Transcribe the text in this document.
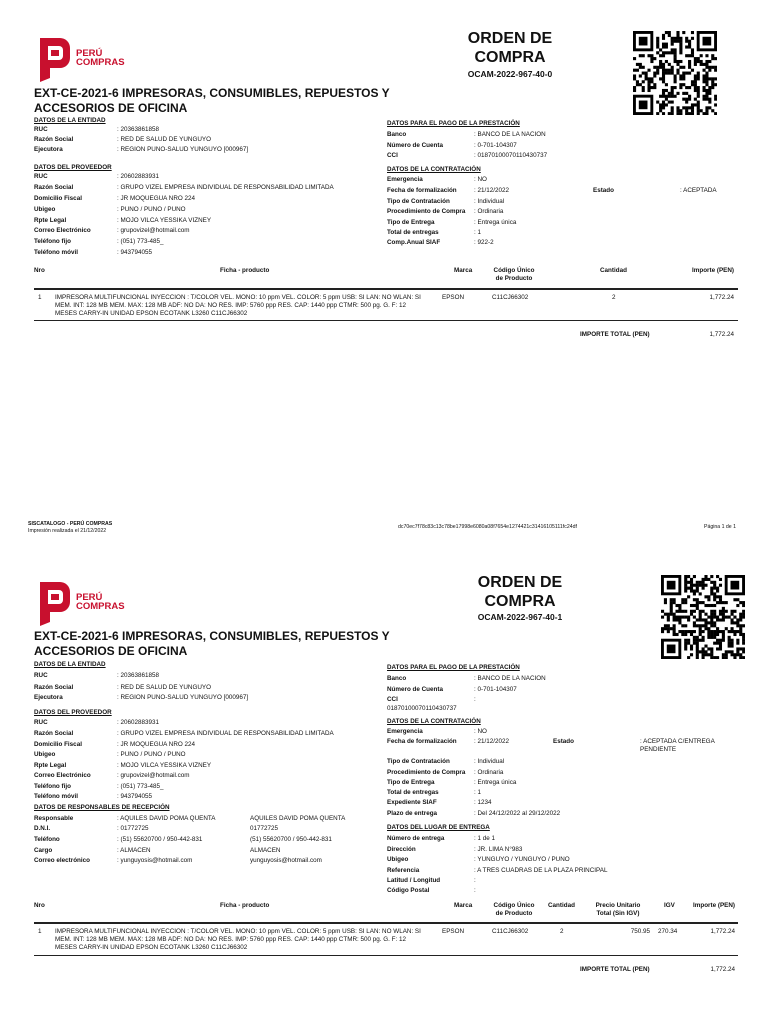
PERÚ
COMPRAS
ORDEN DE
COMPRA
OCAM-2022-967-40-0
EXT-CE-2021-6 IMPRESORAS, CONSUMIBLES, REPUESTOS Y
ACCESORIOS DE OFICINA
DATOS DE LA ENTIDAD
RUC	: 20363861858
Razón Social	: RED DE SALUD DE YUNGUYO
Ejecutora	: REGION PUNO-SALUD YUNGUYO [000967]
DATOS DEL PROVEEDOR
RUC	: 20602883931
Razón Social	: GRUPO VIZEL EMPRESA INDIVIDUAL DE RESPONSABILIDAD LIMITADA
Domicilio Fiscal	: JR MOQUEGUA NRO 224
Ubigeo	: PUNO / PUNO / PUNO
Rpte Legal	: MOJO VILCA YESSIKA VIZNEY
Correo Electrónico	: grupovizel@hotmail.com
Teléfono fijo	: (051) 773-485_
Teléfono móvil	: 943794055
DATOS PARA EL PAGO DE LA PRESTACIÓN
Banco	: BANCO DE LA NACION
Número de Cuenta	: 0-701-104307
CCI	: 01870100070110430737
DATOS DE LA CONTRATACIÓN
Emergencia	: NO
Fecha de formalización	: 21/12/2022	Estado	: ACEPTADA
Tipo de Contratación	: Individual
Procedimiento de Compra : Ordinaria
Tipo de Entrega	: Entrega única
Total de entregas	: 1
Comp.Anual SIAF	: 922-2
Nro	Ficha - producto	Marca	Código Único
de Producto
Cantidad	Importe (PEN)
1 IMPRESORA MULTIFUNCIONAL INYECCION : T/COLOR VEL. MONO: 10 ppm VEL. COLOR: 5 ppm USB: SI LAN: NO WLAN: SI
MEM. INT: 128 MB MEM. MAX: 128 MB ADF: NO DA: NO RES. IMP: 5760 ppp RES. CAP: 1440 ppp CTMR: 500 pg. G. F: 12
MESES CARRY-IN UNIDAD EPSON ECOTANK L3260 C11CJ66302
EPSON	C11CJ66302	2	1,772.24
IMPORTE TOTAL (PEN)	1,772.24
SISCATALOGO - PERÚ COMPRAS
Impresión realizada el 21/12/2022
dc70ec7f78c83c13c78be17998e6080a08f7654e1274421c31416105111fc24df	Página 1 de 1
PERÚ
COMPRAS
ORDEN DE
COMPRA
OCAM-2022-967-40-1
EXT-CE-2021-6 IMPRESORAS, CONSUMIBLES, REPUESTOS Y
ACCESORIOS DE OFICINA
DATOS DE LA ENTIDAD
RUC	: 20363861858
Razón Social	: RED DE SALUD DE YUNGUYO
Ejecutora	: REGION PUNO-SALUD YUNGUYO [000967]
DATOS DEL PROVEEDOR
RUC	: 20602883931
Razón Social	: GRUPO VIZEL EMPRESA INDIVIDUAL DE RESPONSABILIDAD LIMITADA
Domicilio Fiscal	: JR MOQUEGUA NRO 224
Ubigeo	: PUNO / PUNO / PUNO
Rpte Legal	: MOJO VILCA YESSIKA VIZNEY
Correo Electrónico	: grupovizel@hotmail.com
Teléfono fijo	: (051) 773-485_
Teléfono móvil	: 943794055
DATOS DE RESPONSABLES DE RECEPCIÓN
Responsable	: AQUILES DAVID POMA QUENTA	AQUILES DAVID POMA QUENTA
D.N.I.	: 01772725	01772725
Teléfono	: (51) 55620700 / 950-442-831	(51) 55620700 / 950-442-831
Cargo	: ALMACEN	ALMACEN
Correo electrónico	: yunguyosis@hotmail.com	yunguyosis@hotmail.com
DATOS PARA EL PAGO DE LA PRESTACIÓN
Banco	: BANCO DE LA NACION
Número de Cuenta	: 0-701-104307
CCI	:
01870100070110430737
DATOS DE LA CONTRATACIÓN
Emergencia	: NO
Fecha de formalización	: 21/12/2022	Estado	: ACEPTADA C/ENTREGA
PENDIENTE
Tipo de Contratación	: Individual
Procedimiento de Compra : Ordinaria
Tipo de Entrega	: Entrega única
Total de entregas	: 1
Expediente SIAF	: 1234
Plazo de entrega	: Del 24/12/2022 al 29/12/2022
DATOS DEL LUGAR DE ENTREGA
Número de entrega	: 1 de 1
Dirección	: JR. LIMA N°983
Ubigeo	: YUNGUYO / YUNGUYO / PUNO
Referencia	: A TRES CUADRAS DE LA PLAZA PRINCIPAL
Latitud / Longitud	:
Código Postal	:
Nro	Ficha - producto	Marca	Código Único
de Producto
Cantidad	Precio Unitario
Total (Sin IGV)
IGV	Importe (PEN)
1 IMPRESORA MULTIFUNCIONAL INYECCION : T/COLOR VEL. MONO: 10 ppm VEL. COLOR: 5 ppm USB: SI LAN: NO WLAN: SI
MEM. INT: 128 MB MEM. MAX: 128 MB ADF: NO DA: NO RES. IMP: 5760 ppp RES. CAP: 1440 ppp CTMR: 500 pg. G. F: 12
MESES CARRY-IN UNIDAD EPSON ECOTANK L3260 C11CJ66302
EPSON	C11CJ66302	2	750.95 270.34	1,772.24
IMPORTE TOTAL (PEN)	1,772.24
